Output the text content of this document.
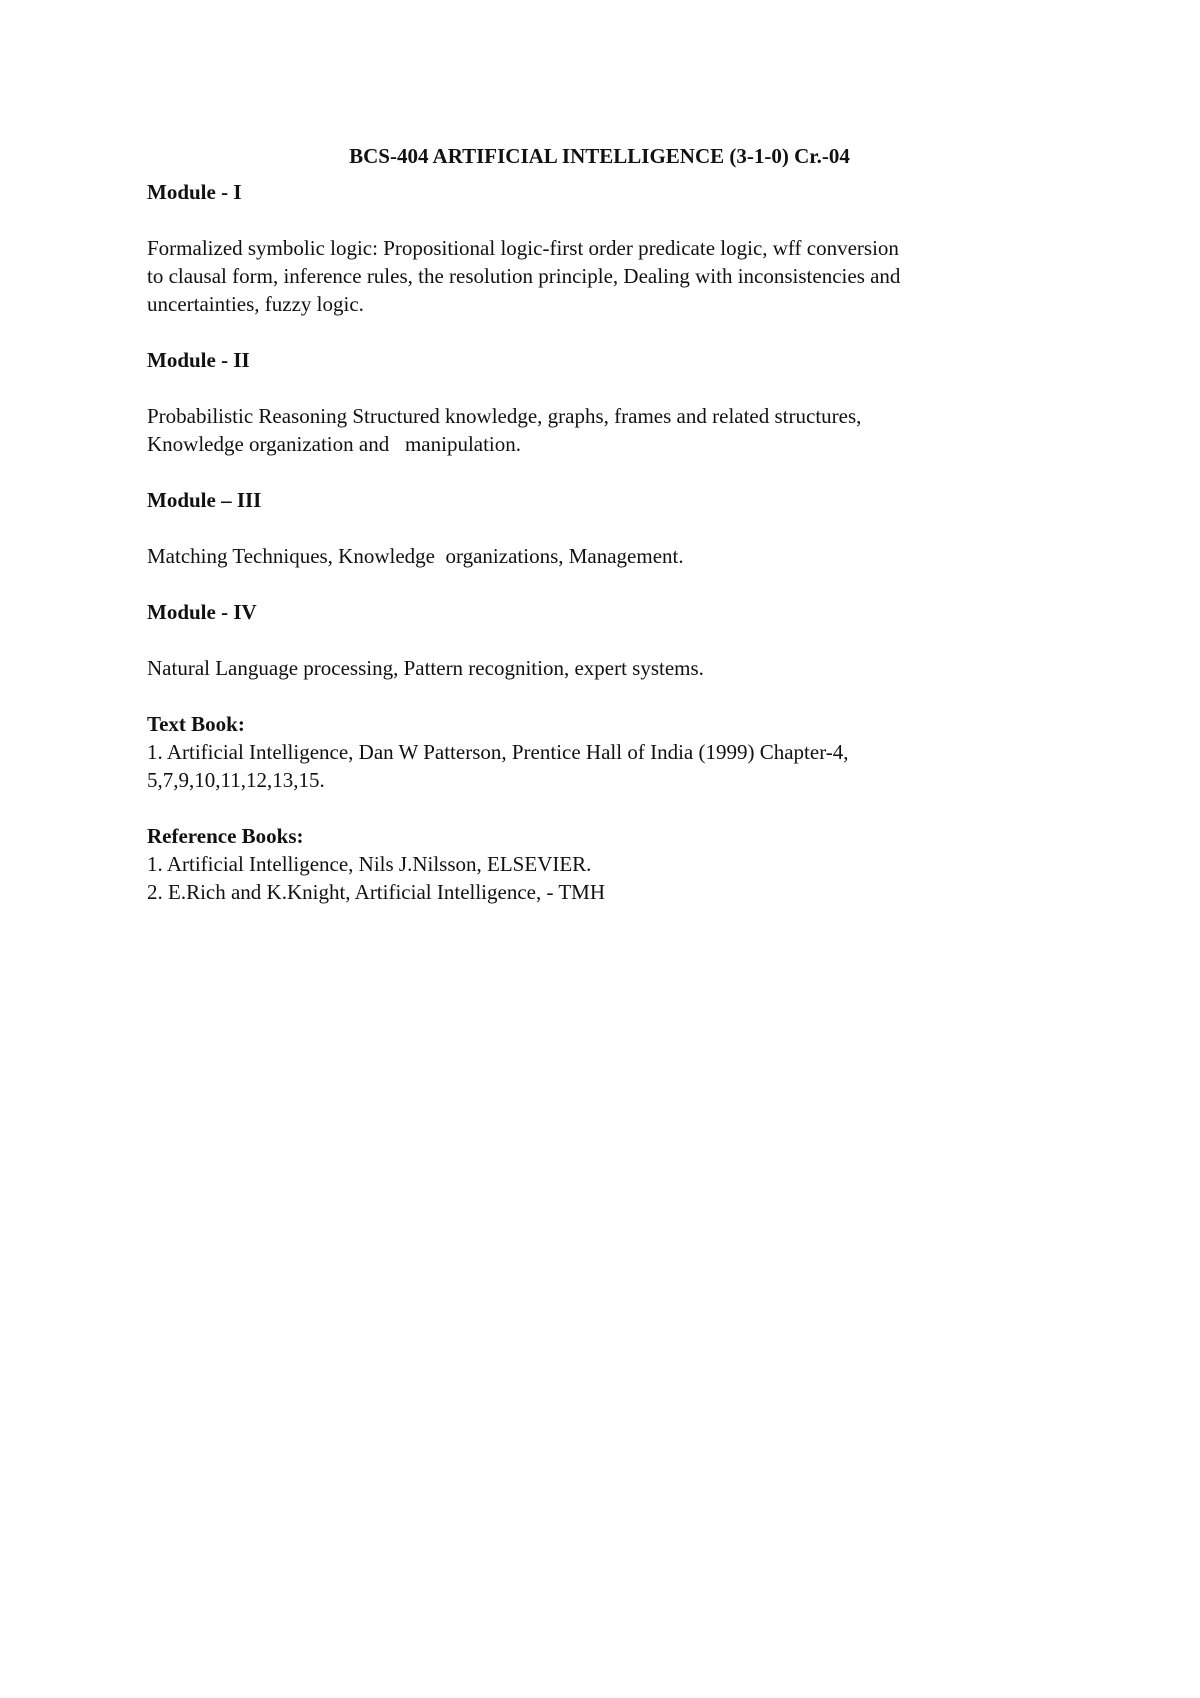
BCS-404 ARTIFICIAL INTELLIGENCE (3-1-0) Cr.-04

Module - I

Formalized symbolic logic: Propositional logic-first order predicate logic, wff conversion

to clausal form, inference rules, the resolution principle, Dealing with inconsistencies and

uncertainties, fuzzy logic.

Module - II

Probabilistic Reasoning Structured knowledge, graphs, frames and related structures,

Knowledge organization and   manipulation.

Module – III

Matching Techniques, Knowledge  organizations, Management.

Module - IV

Natural Language processing, Pattern recognition, expert systems.

Text Book:

1. Artificial Intelligence, Dan W Patterson, Prentice Hall of India (1999) Chapter-4,

5,7,9,10,11,12,13,15.

Reference Books:

1. Artificial Intelligence, Nils J.Nilsson, ELSEVIER.

2. E.Rich and K.Knight, Artificial Intelligence, - TMH
